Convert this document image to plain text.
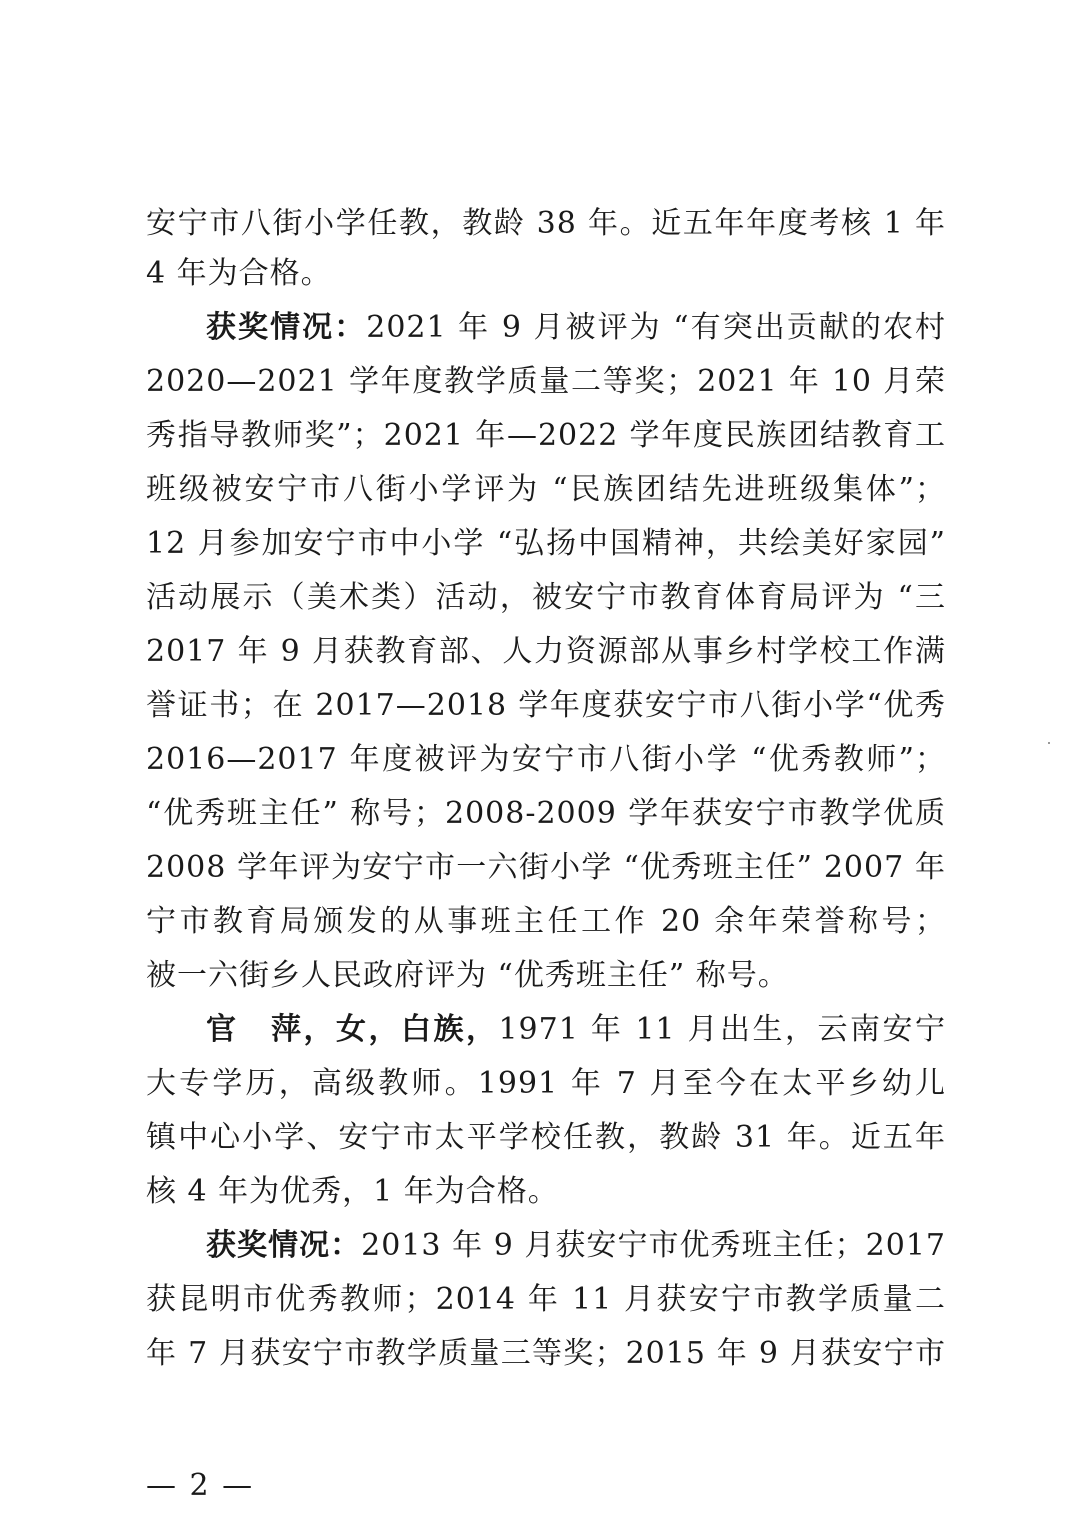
安宁市八街小学任教，教龄 38 年。近五年年度考核 1 年
4 年为合格。
获奖情况：2021 年 9 月被评为 “有突出贡献的农村
2020—2021 学年度教学质量二等奖；2021 年 10 月荣
秀指导教师奖”；2021 年—2022 学年度民族团结教育工
班级被安宁市八街小学评为 “民族团结先进班级集体”；
12 月参加安宁市中小学 “弘扬中国精神，共绘美好家园”
活动展示（美术类）活动，被安宁市教育体育局评为 “三
2017 年 9 月获教育部、人力资源部从事乡村学校工作满
誉证书；在 2017—2018 学年度获安宁市八街小学“优秀
2016—2017 年度被评为安宁市八街小学 “优秀教师”；
“优秀班主任” 称号；2008-2009 学年获安宁市教学优质
2008 学年评为安宁市一六街小学 “优秀班主任” 2007 年
宁市教育局颁发的从事班主任工作 20 余年荣誉称号；
被一六街乡人民政府评为 “优秀班主任” 称号。
官　萍，女，白族，1971 年 11 月出生，云南安宁
大专学历，高级教师。1991 年 7 月至今在太平乡幼儿
镇中心小学、安宁市太平学校任教，教龄 31 年。近五年
核 4 年为优秀，1 年为合格。
获奖情况：2013 年 9 月获安宁市优秀班主任；2017
获昆明市优秀教师；2014 年 11 月获安宁市教学质量二
年 7 月获安宁市教学质量三等奖；2015 年 9 月获安宁市
— 2 —
